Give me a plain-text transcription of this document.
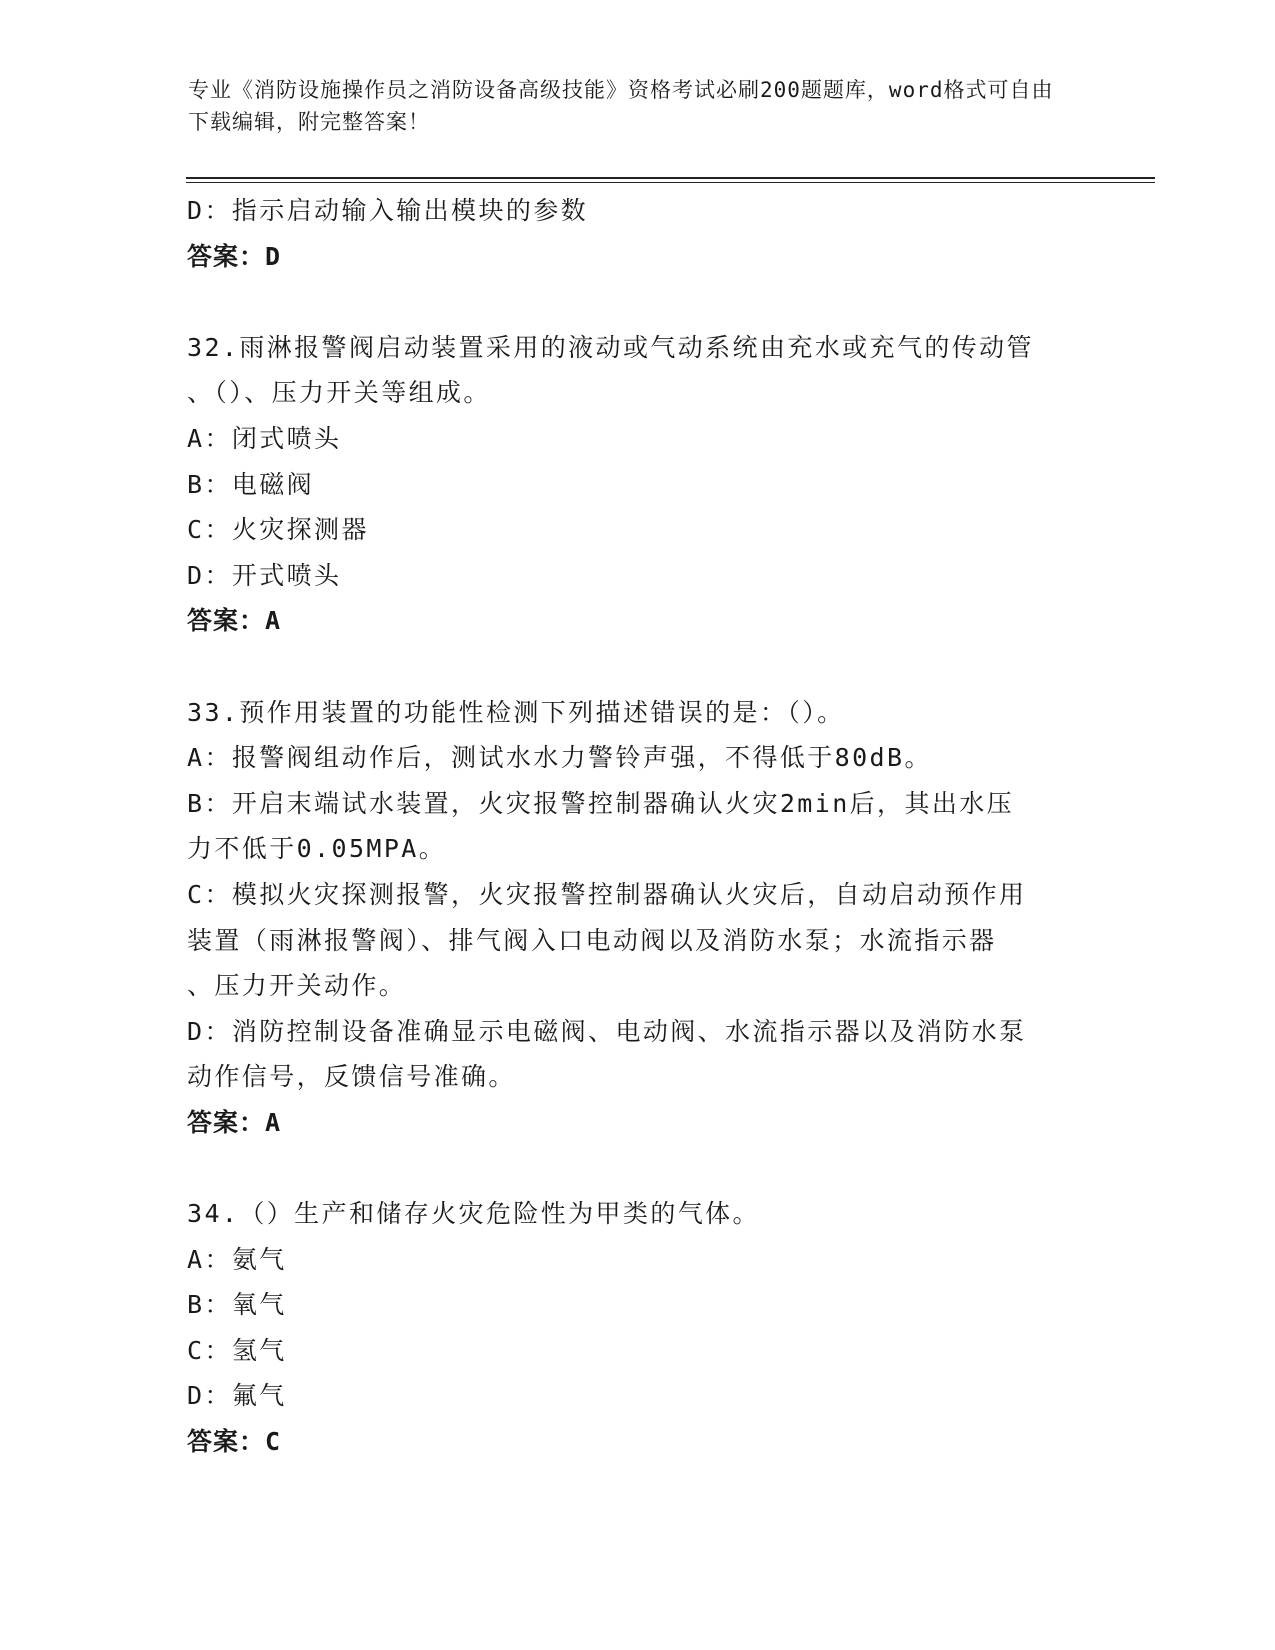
专业《消防设施操作员之消防设备高级技能》资格考试必刷200题题库，word格式可自由下载编辑，附完整答案！
D：指示启动输入输出模块的参数
答案：D
32.雨淋报警阀启动装置采用的液动或气动系统由充水或充气的传动管
、（）、压力开关等组成。
A：闭式喷头
B：电磁阀
C：火灾探测器
D：开式喷头
答案：A
33.预作用装置的功能性检测下列描述错误的是：（）。
A：报警阀组动作后，测试水水力警铃声强，不得低于80dB。
B：开启末端试水装置，火灾报警控制器确认火灾2min后，其出水压
力不低于0.05MPA。
C：模拟火灾探测报警，火灾报警控制器确认火灾后，自动启动预作用
装置（雨淋报警阀）、排气阀入口电动阀以及消防水泵；水流指示器
、压力开关动作。
D：消防控制设备准确显示电磁阀、电动阀、水流指示器以及消防水泵
动作信号，反馈信号准确。
答案：A
34.（）生产和储存火灾危险性为甲类的气体。
A：氨气
B：氧气
C：氢气
D：氟气
答案：C
